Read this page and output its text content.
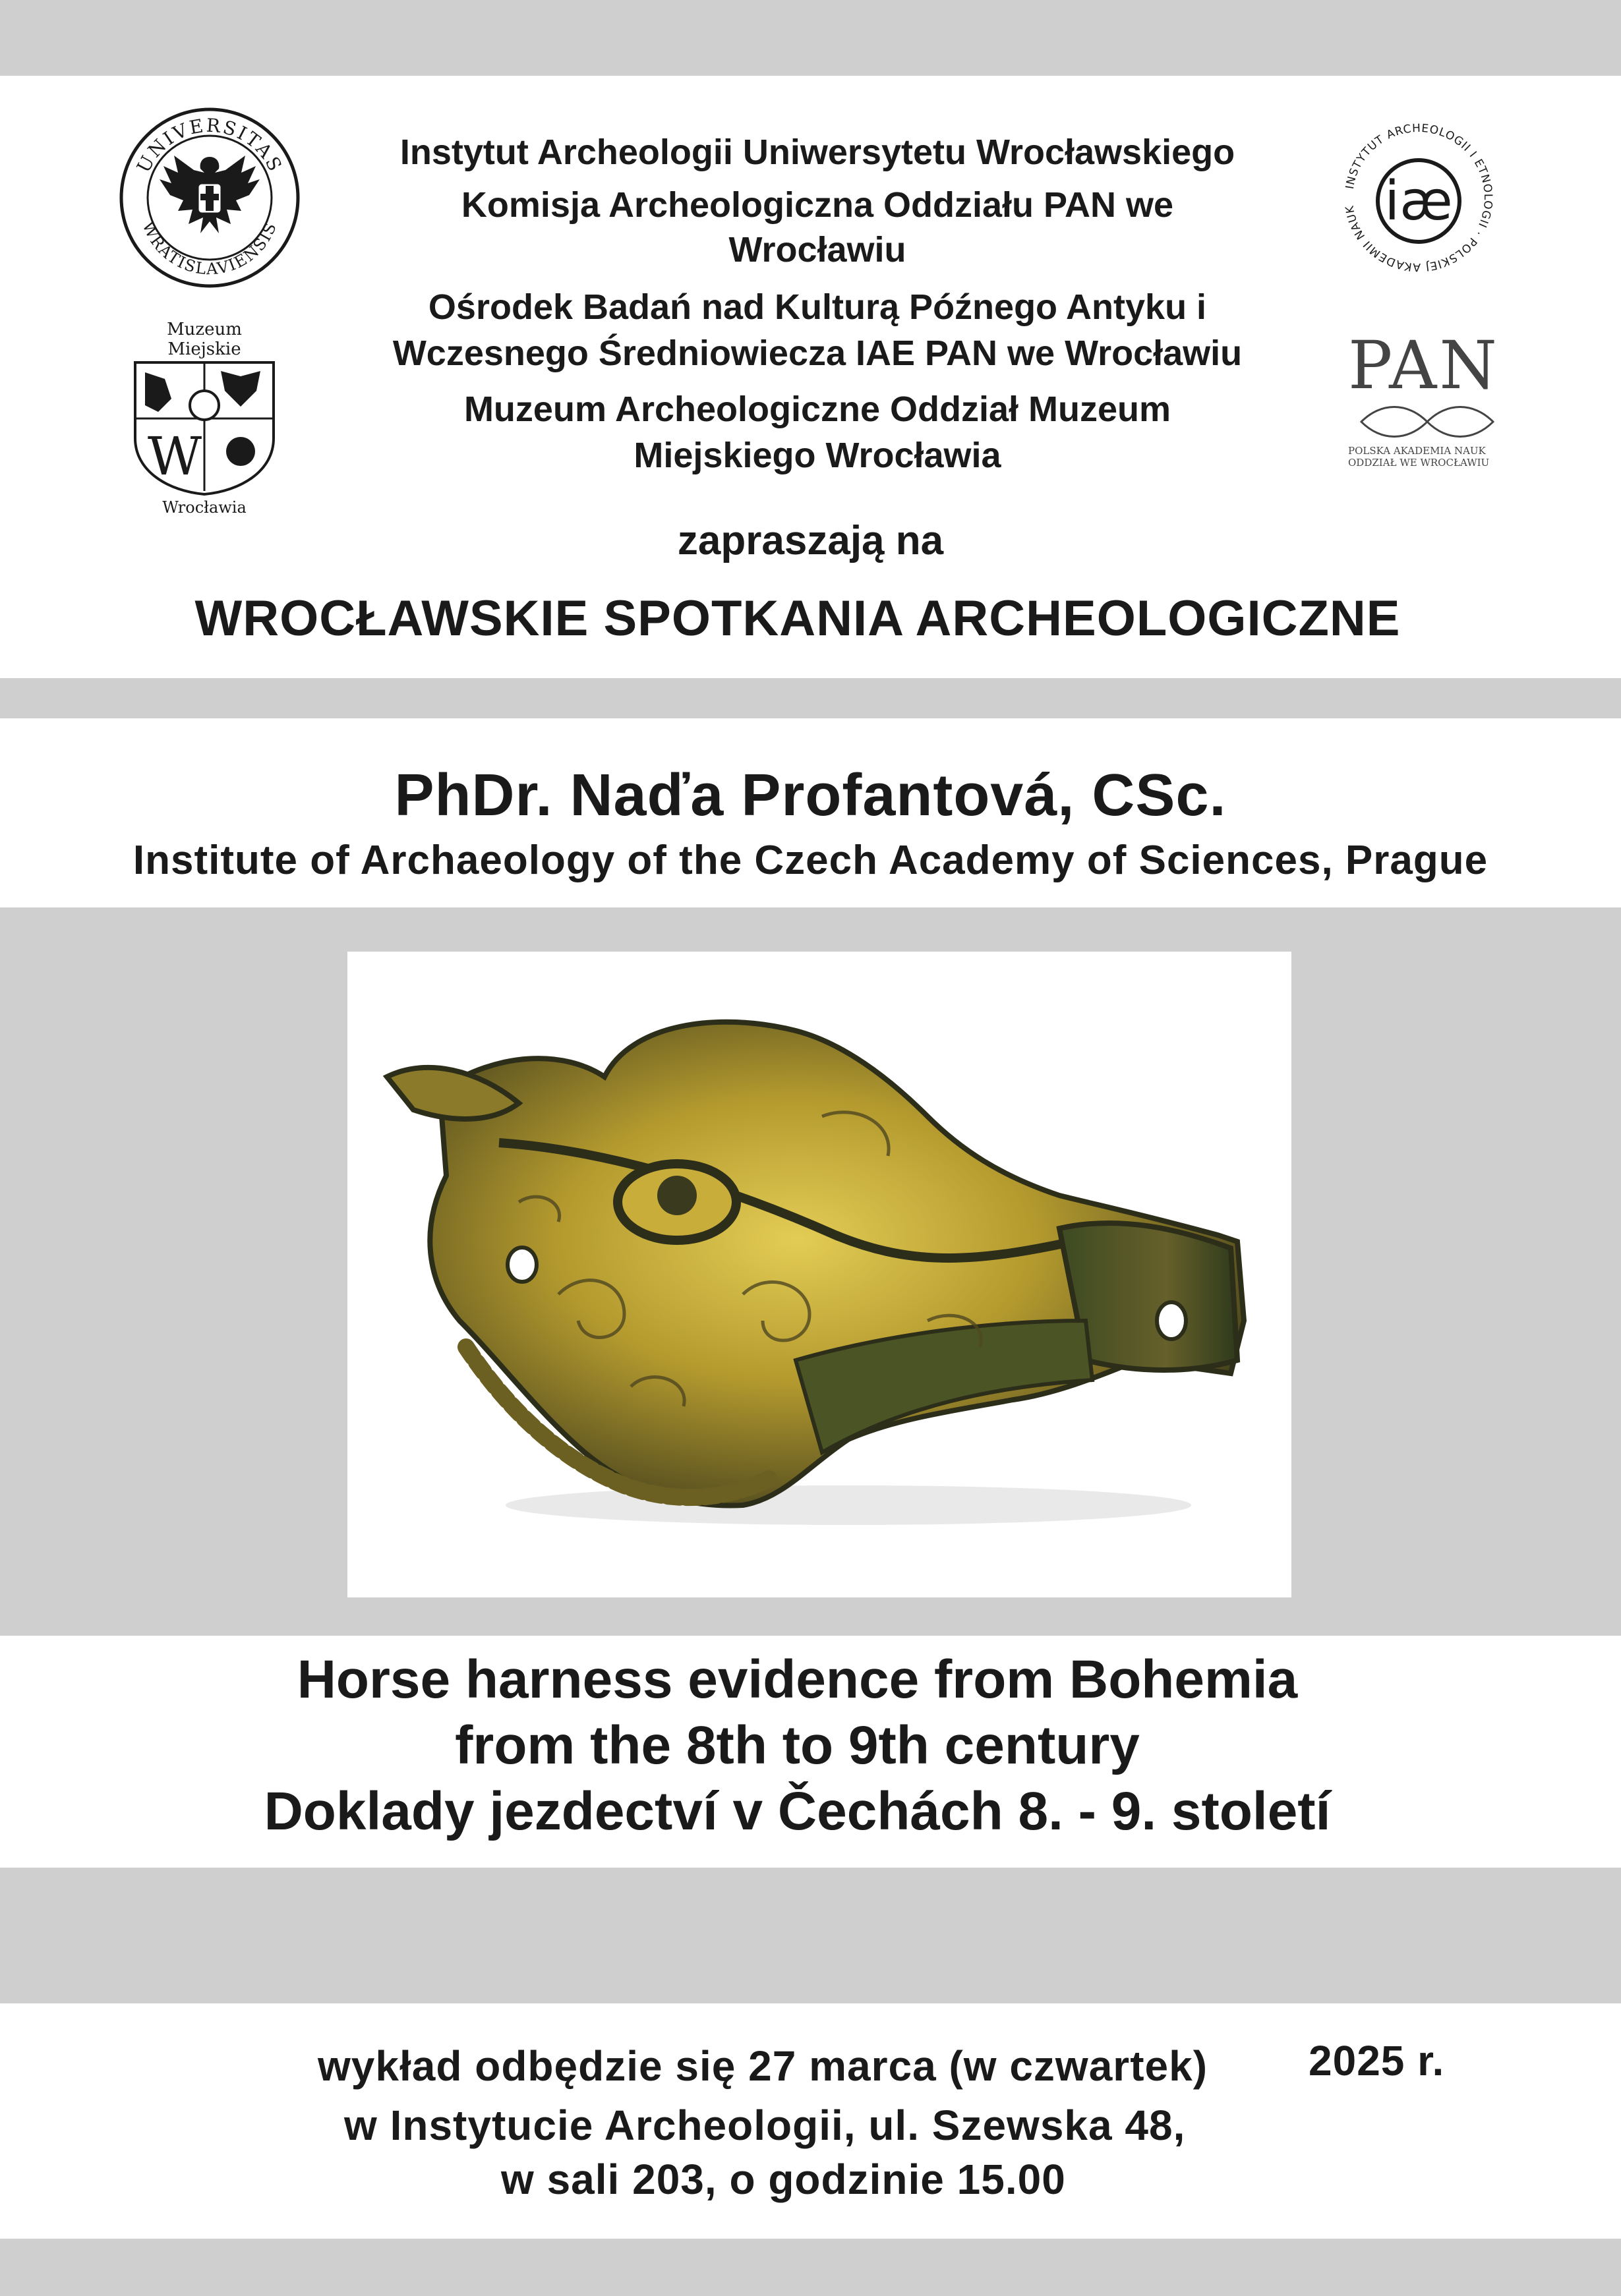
UNIVERSITAS
WRATISLAVIENSIS
Muzeum Miejskie
W
Wrocławia
INSTYTUT ARCHEOLOGII I ETNOLOGII · POLSKIEJ AKADEMII NAUK iæ
PAN
POLSKA AKADEMIA NAUK
ODDZIAŁ WE WROCŁAWIU
Instytut Archeologii Uniwersytetu Wrocławskiego
Komisja Archeologiczna Oddziału PAN we
Wrocławiu
Ośrodek Badań nad Kulturą Późnego Antyku i
Wczesnego Średniowiecza IAE PAN we Wrocławiu
Muzeum Archeologiczne Oddział Muzeum
Miejskiego Wrocławia
zapraszają na
WROCŁAWSKIE SPOTKANIA ARCHEOLOGICZNE
PhDr. Naďa Profantová, CSc.
Institute of Archaeology of the Czech Academy of Sciences, Prague
Horse harness evidence from Bohemia
from the 8th to 9th century
Doklady jezdectví v Čechách 8. - 9. století
wykład odbędzie się 27 marca (w czwartek) 2025 r.
w Instytucie Archeologii, ul. Szewska 48,
w sali 203, o godzinie 15.00
